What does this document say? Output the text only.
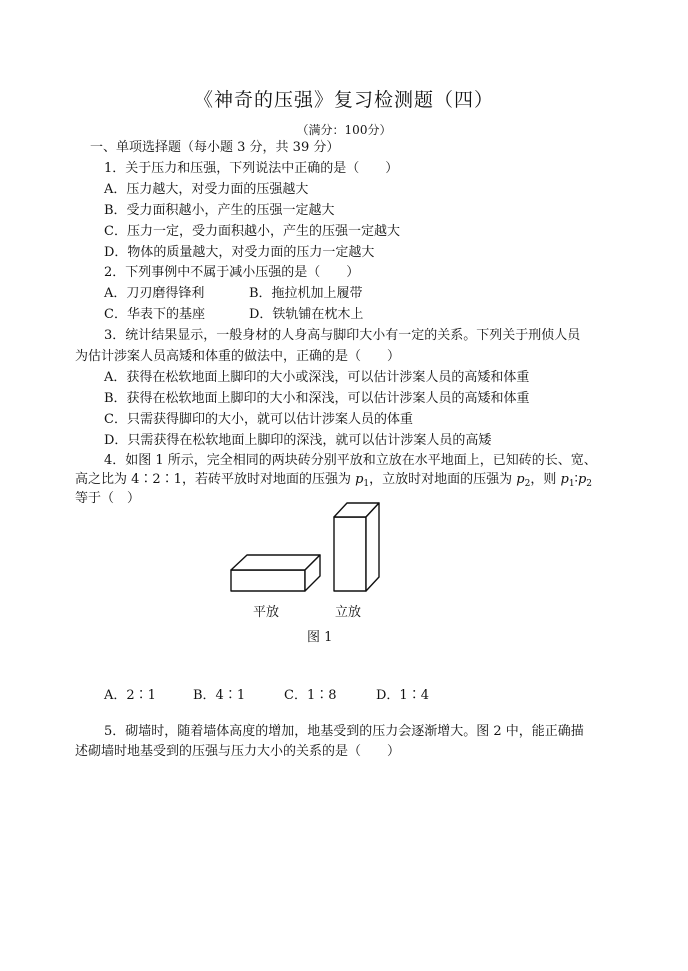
《神奇的压强》复习检测题（四）
（满分：100分）
一、单项选择题（每小题 3 分，共 39 分）
1．关于压力和压强，下列说法中正确的是（　　）
A．压力越大，对受力面的压强越大
B．受力面积越小，产生的压强一定越大
C．压力一定，受力面积越小，产生的压强一定越大
D．物体的质量越大，对受力面的压力一定越大
2．下列事例中不属于减小压强的是（　　）
A．刀刃磨得锋利	B．拖拉机加上履带
C．华表下的基座	D．铁轨铺在枕木上
3．统计结果显示，一般身材的人身高与脚印大小有一定的关系。下列关于刑侦人员
为估计涉案人员高矮和体重的做法中，正确的是（　　）
A．获得在松软地面上脚印的大小或深浅，可以估计涉案人员的高矮和体重
B．获得在松软地面上脚印的大小和深浅，可以估计涉案人员的高矮和体重
C．只需获得脚印的大小，就可以估计涉案人员的体重
D．只需获得在松软地面上脚印的深浅，就可以估计涉案人员的高矮
4．如图 1 所示，完全相同的两块砖分别平放和立放在水平地面上，已知砖的长、宽、
高之比为 4∶2∶1，若砖平放时对地面的压强为 $p_1$，立放时对地面的压强为 $p_2$，则 $p_1∶p_2$
等于（　）
平放	立放
图 1
A．2∶1	B．4∶1	C．1∶8	D．1∶4
5．砌墙时，随着墙体高度的增加，地基受到的压力会逐渐增大。图 2 中，能正确描
述砌墙时地基受到的压强与压力大小的关系的是（　　）
